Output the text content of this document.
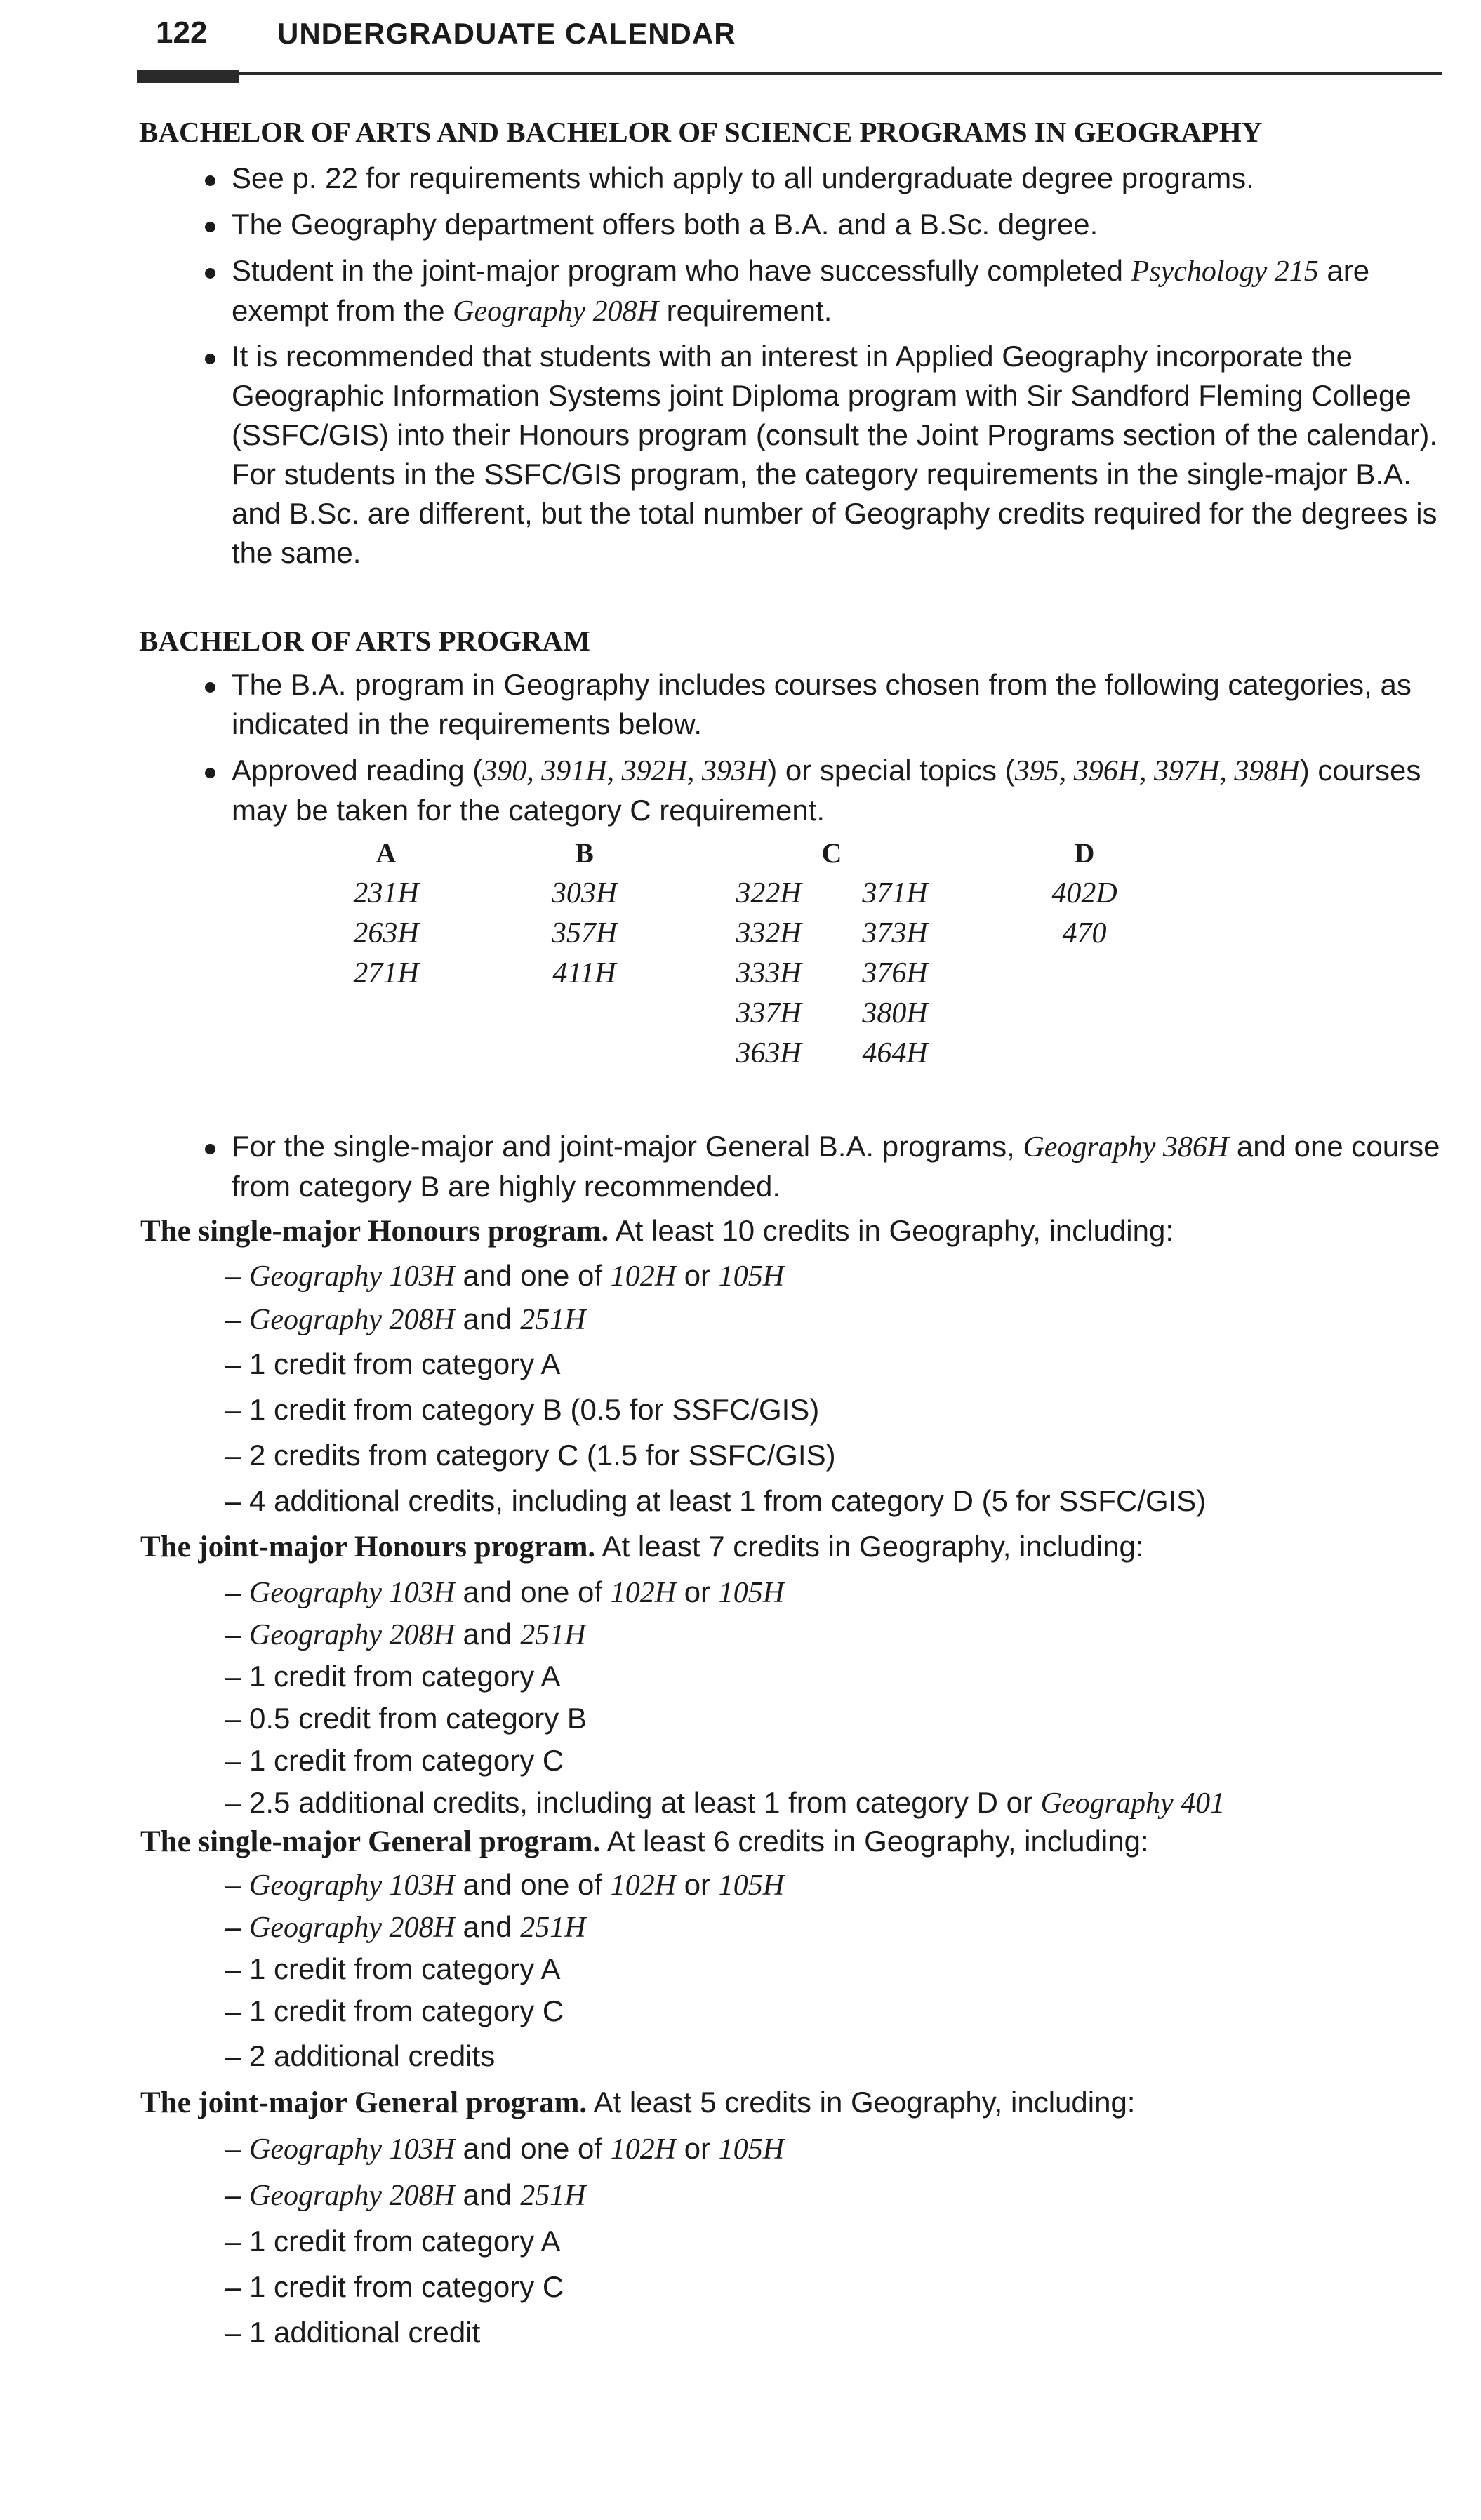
122 UNDERGRADUATE CALENDAR
BACHELOR OF ARTS AND BACHELOR OF SCIENCE PROGRAMS IN GEOGRAPHY
See p. 22 for requirements which apply to all undergraduate degree programs.
The Geography department offers both a B.A. and a B.Sc. degree.
Student in the joint-major program who have successfully completed Psychology 215 are exempt from the Geography 208H requirement.
It is recommended that students with an interest in Applied Geography incorporate the Geographic Information Systems joint Diploma program with Sir Sandford Fleming College (SSFC/GIS) into their Honours program (consult the Joint Programs section of the calendar). For students in the SSFC/GIS program, the category requirements in the single-major B.A. and B.Sc. are different, but the total number of Geography credits required for the degrees is the same.
BACHELOR OF ARTS PROGRAM
The B.A. program in Geography includes courses chosen from the following categories, as indicated in the requirements below.
Approved reading (390, 391H, 392H, 393H) or special topics (395, 396H, 397H, 398H) courses may be taken for the category C requirement.
A	B	C		D
231H	303H	322H	371H	402D
263H	357H	332H	373H	470
271H	411H	333H	376H	
		337H	380H	
		363H	464H	
For the single-major and joint-major General B.A. programs, Geography 386H and one course from category B are highly recommended.
The single-major Honours program. At least 10 credits in Geography, including:
– Geography 103H and one of 102H or 105H
– Geography 208H and 251H
– 1 credit from category A
– 1 credit from category B (0.5 for SSFC/GIS)
– 2 credits from category C (1.5 for SSFC/GIS)
– 4 additional credits, including at least 1 from category D (5 for SSFC/GIS)
The joint-major Honours program. At least 7 credits in Geography, including:
– Geography 103H and one of 102H or 105H
– Geography 208H and 251H
– 1 credit from category A
– 0.5 credit from category B
– 1 credit from category C
– 2.5 additional credits, including at least 1 from category D or Geography 401
The single-major General program. At least 6 credits in Geography, including:
– Geography 103H and one of 102H or 105H
– Geography 208H and 251H
– 1 credit from category A
– 1 credit from category C
– 2 additional credits
The joint-major General program. At least 5 credits in Geography, including:
– Geography 103H and one of 102H or 105H
– Geography 208H and 251H
– 1 credit from category A
– 1 credit from category C
– 1 additional credit
